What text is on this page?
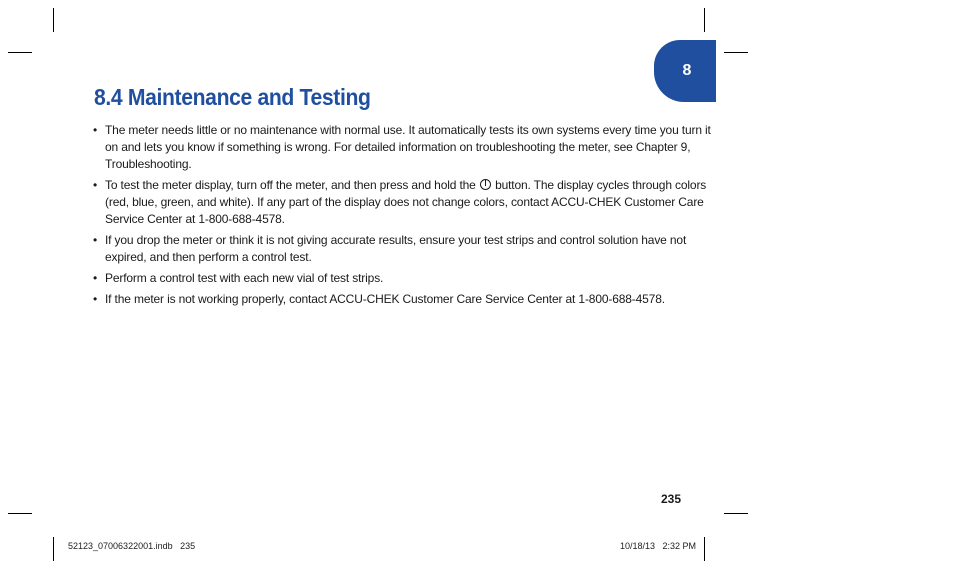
8
8.4 Maintenance and Testing
• The meter needs little or no maintenance with normal use. It automatically tests its own systems every time you turn it on and lets you know if something is wrong. For detailed information on troubleshooting the meter, see Chapter 9, Troubleshooting.
• To test the meter display, turn off the meter, and then press and hold the button. The display cycles through colors (red, blue, green, and white). If any part of the display does not change colors, contact ACCU-CHEK Customer Care Service Center at 1-800-688-4578.
• If you drop the meter or think it is not giving accurate results, ensure your test strips and control solution have not expired, and then perform a control test.
• Perform a control test with each new vial of test strips.
• If the meter is not working properly, contact ACCU-CHEK Customer Care Service Center at 1-800-688-4578.
235
52123_07006322001.indb   235	10/18/13   2:32 PM
